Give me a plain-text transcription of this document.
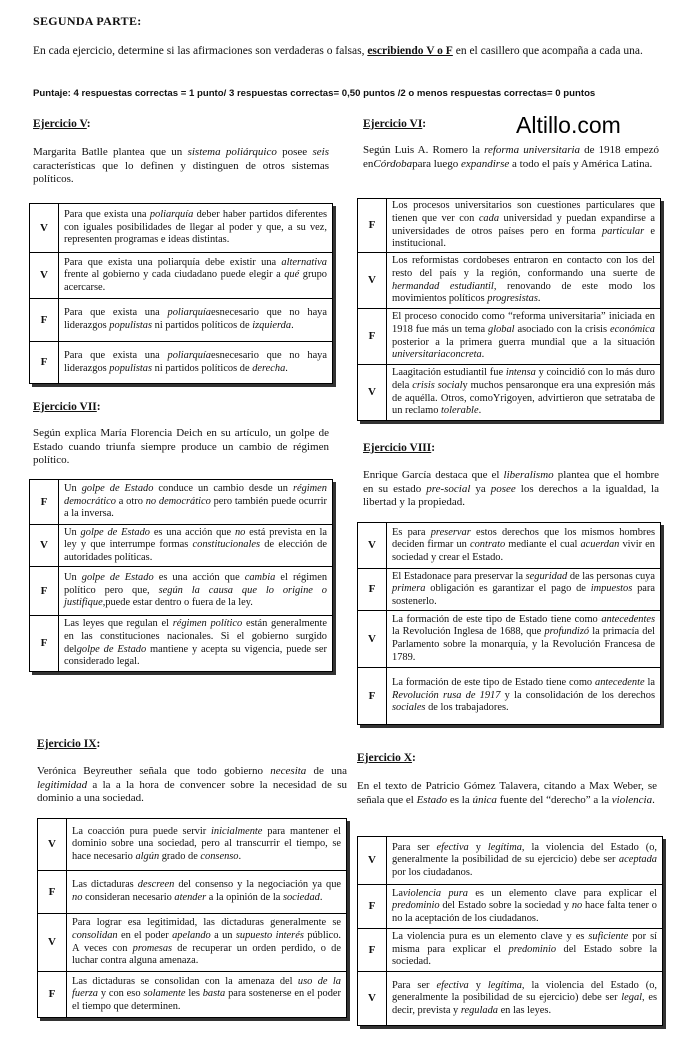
SEGUNDA PARTE:
En cada ejercicio, determine si las afirmaciones son verdaderas o falsas, escribiendo V o F en el casillero que acompaña a cada una.
Puntaje: 4 respuestas correctas = 1 punto/ 3 respuestas correctas= 0,50 puntos /2 o menos respuestas correctas= 0 puntos
Altillo.com
Ejercicio V:
Margarita Batlle plantea que un sistema poliárquico posee seis características que lo definen y distinguen de otros sistemas políticos.
V	Para que exista una poliarquía deber haber partidos diferentes con iguales posibilidades de llegar al poder y que, a su vez, representen programas e ideas distintas.
V	Para que exista una poliarquía debe existir una alternativa frente al gobierno y cada ciudadano puede elegir a qué grupo acercarse.
F	Para que exista una poliarquíaesnecesario que no haya liderazgos populistas ni partidos políticos de izquierda.
F	Para que exista una poliarquíaesnecesario que no haya liderazgos populistas ni partidos políticos de derecha.
Ejercicio VII:
Según explica María Florencia Deich en su artículo, un golpe de Estado cuando triunfa siempre produce un cambio de régimen político.
F	Un golpe de Estado conduce un cambio desde un régimen democrático a otro no democrático pero también puede ocurrir a la inversa.
V	Un golpe de Estado es una acción que no está prevista en la ley y que interrumpe formas constitucionales de elección de autoridades políticas.
F	Un golpe de Estado es una acción que cambia el régimen político pero que, según la causa que lo origine o justifique,puede estar dentro o fuera de la ley.
F	Las leyes que regulan el régimen político están generalmente en las constituciones nacionales. Si el gobierno surgido delgolpe de Estado mantiene y acepta su vigencia, puede ser considerado legal.
Ejercicio IX:
Verónica Beyreuther señala que todo gobierno necesita de una legitimidad a la a la hora de convencer sobre la necesidad de su dominio a una sociedad.
V	La coacción pura puede servir inicialmente para mantener el dominio sobre una sociedad, pero al transcurrir el tiempo, se hace necesario algún grado de consenso.
F	Las dictaduras descreen del consenso y la negociación ya que no consideran necesario atender a la opinión de la sociedad.
V	Para lograr esa legitimidad, las dictaduras generalmente se consolidan en el poder apelando a un supuesto interés público. A veces con promesas de recuperar un orden perdido, o de luchar contra alguna amenaza.
F	Las dictaduras se consolidan con la amenaza del uso de la fuerza y con eso solamente les basta para sostenerse en el poder el tiempo que determinen.
Ejercicio VI:
Según Luis A. Romero la reforma universitaria de 1918 empezó enCórdobapara luego expandirse a todo el país y América Latina.
F	Los procesos universitarios son cuestiones particulares que tienen que ver con cada universidad y puedan expandirse a universidades de otros países pero en forma particular e institucional.
V	Los reformistas cordobeses entraron en contacto con los del resto del país y la región, conformando una suerte de hermandad estudiantil, renovando de este modo los movimientos políticos progresistas.
F	El proceso conocido como “reforma universitaria” iniciada en 1918 fue más un tema global asociado con la crisis económica posterior a la primera guerra mundial que a la situación universitariaconcreta.
V	Laagitación estudiantil fue intensa y coincidió con lo más duro dela crisis socialy muchos pensaronque era una expresión más de aquélla. Otros, comoYrigoyen, advirtieron que setrataba de un reclamo tolerable.
Ejercicio VIII:
Enrique García destaca que el liberalismo plantea que el hombre en su estado pre-social ya posee los derechos a la igualdad, la libertad y la propiedad.
V	Es para preservar estos derechos que los mismos hombres deciden firmar un contrato mediante el cual acuerdan vivir en sociedad y crear el Estado.
F	El Estadonace para preservar la seguridad de las personas cuya primera obligación es garantizar el pago de impuestos para sostenerlo.
V	La formación de este tipo de Estado tiene como antecedentes la Revolución Inglesa de 1688, que profundizó la primacía del Parlamento sobre la monarquía, y la Revolución Francesa de 1789.
F	La formación de este tipo de Estado tiene como antecedente la Revolución rusa de 1917 y la consolidación de los derechos sociales de los trabajadores.
Ejercicio X:
En el texto de Patricio Gómez Talavera, citando a Max Weber, se señala que el Estado es la única fuente del “derecho” a la violencia.
V	Para ser efectiva y legítima, la violencia del Estado (o, generalmente la posibilidad de su ejercicio) debe ser aceptada por los ciudadanos.
F	Laviolencia pura es un elemento clave para explicar el predominio del Estado sobre la sociedad y no hace falta tener o no la aceptación de los ciudadanos.
F	La violencia pura es un elemento clave y es suficiente por sí misma para explicar el predominio del Estado sobre la sociedad.
V	Para ser efectiva y legítima, la violencia del Estado (o, generalmente la posibilidad de su ejercicio) debe ser legal, es decir, prevista y regulada en las leyes.
